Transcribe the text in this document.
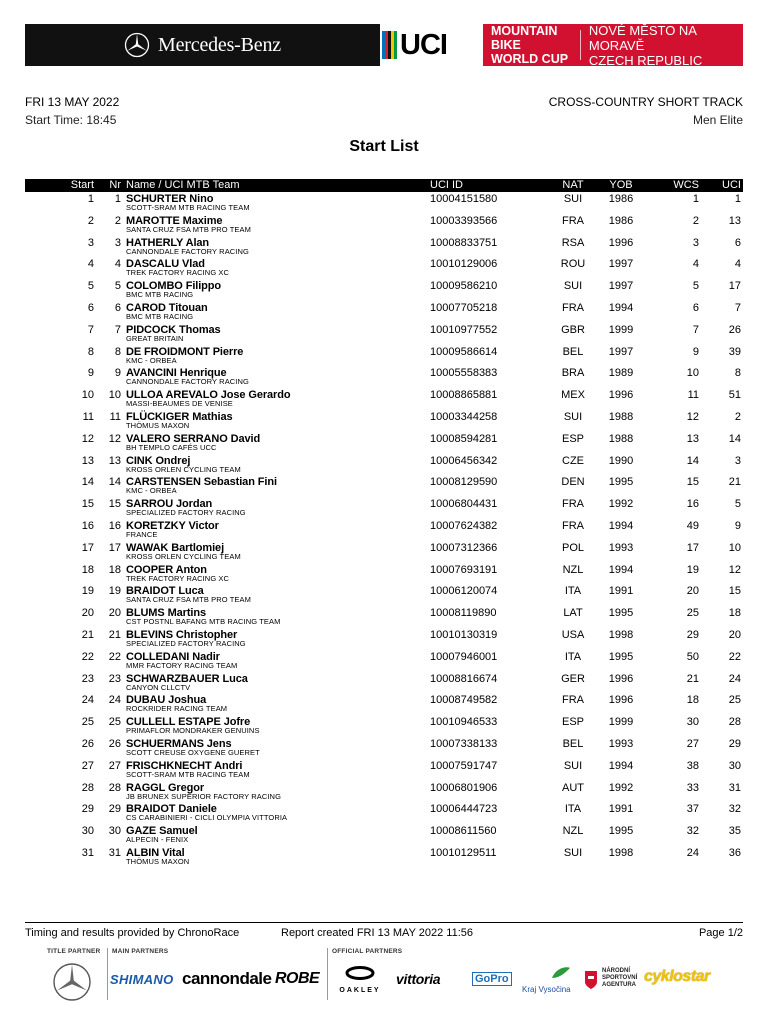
Mercedes-Benz	UCI	MOUNTAIN BIKE
WORLD CUP
NOVÉ MĚSTO NA MORAVĚ
CZECH REPUBLIC
FRI 13 MAY 2022
Start Time: 18:45
CROSS-COUNTRY SHORT TRACK
Men Elite
Start List
Start	Nr Name / UCI MTB Team	UCI ID	NAT	YOB	WCS	UCI
1	1 SCHURTER Nino	10004151580	SUI	1986	1	1
SCOTT-SRAM MTB RACING TEAM
2	2 MAROTTE Maxime	10003393566	FRA	1986	2	13
SANTA CRUZ FSA MTB PRO TEAM
3	3 HATHERLY Alan	10008833751	RSA	1996	3	6
CANNONDALE FACTORY RACING
4	4 DASCALU Vlad	10010129006	ROU	1997	4	4
TREK FACTORY RACING XC
5	5 COLOMBO Filippo	10009586210	SUI	1997	5	17
BMC MTB RACING
6	6 CAROD Titouan	10007705218	FRA	1994	6	7
BMC MTB RACING
7	7 PIDCOCK Thomas	10010977552	GBR	1999	7	26
GREAT BRITAIN
8	8 DE FROIDMONT Pierre	10009586614	BEL	1997	9	39
KMC - ORBEA
9	9 AVANCINI Henrique	10005558383	BRA	1989	10	8
CANNONDALE FACTORY RACING
10	10 ULLOA AREVALO Jose Gerardo	10008865881	MEX	1996	11	51
MASSI-BEAUMES DE VENISE
11	11 FLÜCKIGER Mathias	10003344258	SUI	1988	12	2
THÖMUS MAXON
12	12 VALERO SERRANO David	10008594281	ESP	1988	13	14
BH TEMPLO CAFÉS UCC
13	13 CINK Ondrej	10006456342	CZE	1990	14	3
KROSS ORLEN CYCLING TEAM
14	14 CARSTENSEN Sebastian Fini	10008129590	DEN	1995	15	21
KMC - ORBEA
15	15 SARROU Jordan	10006804431	FRA	1992	16	5
SPECIALIZED FACTORY RACING
16	16 KORETZKY Victor	10007624382	FRA	1994	49	9
FRANCE
17	17 WAWAK Bartlomiej	10007312366	POL	1993	17	10
KROSS ORLEN CYCLING TEAM
18	18 COOPER Anton	10007693191	NZL	1994	19	12
TREK FACTORY RACING XC
19	19 BRAIDOT Luca	10006120074	ITA	1991	20	15
SANTA CRUZ FSA MTB PRO TEAM
20	20 BLUMS Martins	10008119890	LAT	1995	25	18
CST POSTNL BAFANG MTB RACING TEAM
21	21 BLEVINS Christopher	10010130319	USA	1998	29	20
SPECIALIZED FACTORY RACING
22	22 COLLEDANI Nadir	10007946001	ITA	1995	50	22
MMR FACTORY RACING TEAM
23	23 SCHWARZBAUER Luca	10008816674	GER	1996	21	24
CANYON CLLCTV
24	24 DUBAU Joshua	10008749582	FRA	1996	18	25
ROCKRIDER RACING TEAM
25	25 CULLELL ESTAPE Jofre	10010946533	ESP	1999	30	28
PRIMAFLOR MONDRAKER GENUINS
26	26 SCHUERMANS Jens	10007338133	BEL	1993	27	29
SCOTT CREUSE OXYGENE GUERET
27	27 FRISCHKNECHT Andri	10007591747	SUI	1994	38	30
SCOTT-SRAM MTB RACING TEAM
28	28 RAGGL Gregor	10006801906	AUT	1992	33	31
JB BRUNEX SUPERIOR FACTORY RACING
29	29 BRAIDOT Daniele	10006444723	ITA	1991	37	32
CS CARABINIERI - CICLI OLYMPIA VITTORIA
30	30 GAZE Samuel	10008611560	NZL	1995	32	35
ALPECIN - FENIX
31	31 ALBIN Vital	10010129511	SUI	1998	24	36
THÖMUS MAXON
Timing and results provided by ChronoRace	Report created FRI 13 MAY 2022 11:56	Page 1/2
TITLE PARTNER MAIN PARTNERS	OFFICIAL PARTNERS
SHIMANO cannondale ROBE
OAKLEY
vittoria	GoPro
Kraj Vysočina
NÁRODNÍ
SPORTOVNÍ
AGENTURA cyklostar
